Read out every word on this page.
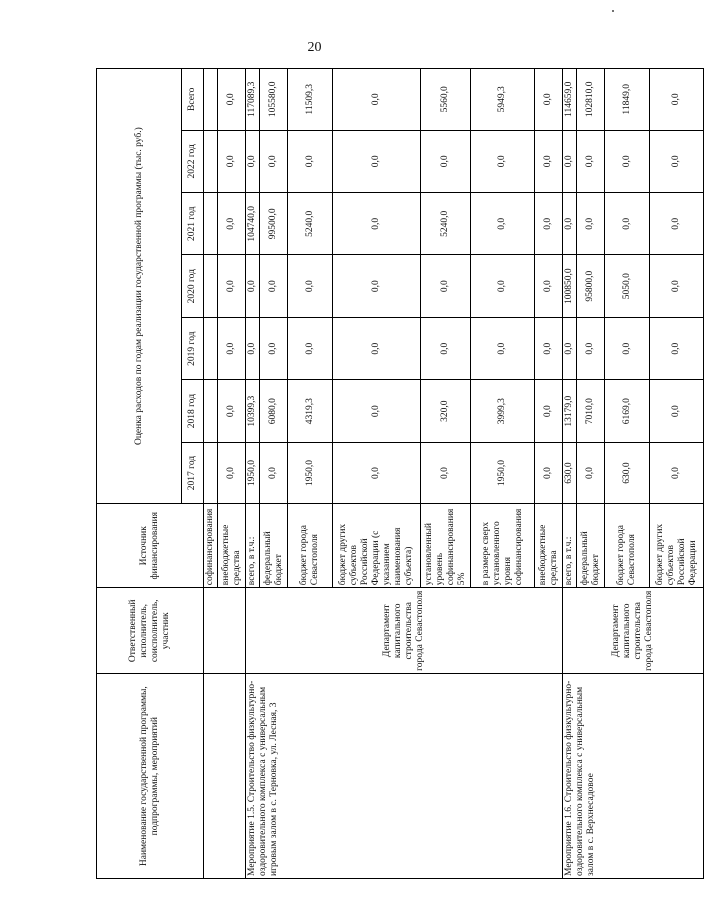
20
Наименование государственной программы, подпрограммы, мероприятий	Ответственный исполнитель, соисполнитель, участник	Источник финансирования	Оценка расходов по годам реализации государственной программы (тыс. руб.)						
			2017 год	2018 год	2019 год	2020 год	2021 год	2022 год	Всего
		софинансирования							
		внебюджетные средства	0,0	0,0	0,0	0,0	0,0	0,0	0,0
Мероприятие 1.5. Строительство физкультурно-оздоровительного комплекса с универсальным игровым залом в с. Терновка, ул. Лесная, 3	Департамент капитального строительства города Севастополя	всего, в т.ч.:	1950,0	10399,3	0,0	0,0	104740,0	0,0	117089,3
		федеральный бюджет	0,0	6080,0	0,0	0,0	99500,0	0,0	105580,0
		бюджет города Севастополя	1950,0	4319,3	0,0	0,0	5240,0	0,0	11509,3
		бюджет других субъектов Российской Федерации (с указанием наименования субъекта)	0,0	0,0	0,0	0,0	0,0	0,0	0,0
		установленный уровень софинансирования 5%	0,0	320,0	0,0	0,0	5240,0	0,0	5560,0
		в размере сверх установленного уровня софинансирования	1950,0	3999,3	0,0	0,0	0,0	0,0	5949,3
		внебюджетные средства	0,0	0,0	0,0	0,0	0,0	0,0	0,0
Мероприятие 1.6. Строительство физкультурно-оздоровительного комплекса с универсальным залом в с. Верхнесадовое	Департамент капитального строительства города Севастополя	всего, в т.ч.:	630,0	13179,0	0,0	100850,0	0,0	0,0	114659,0
		федеральный бюджет	0,0	7010,0	0,0	95800,0	0,0	0,0	102810,0
		бюджет города Севастополя	630,0	6169,0	0,0	5050,0	0,0	0,0	11849,0
		бюджет других субъектов Российской Федерации	0,0	0,0	0,0	0,0	0,0	0,0	0,0
